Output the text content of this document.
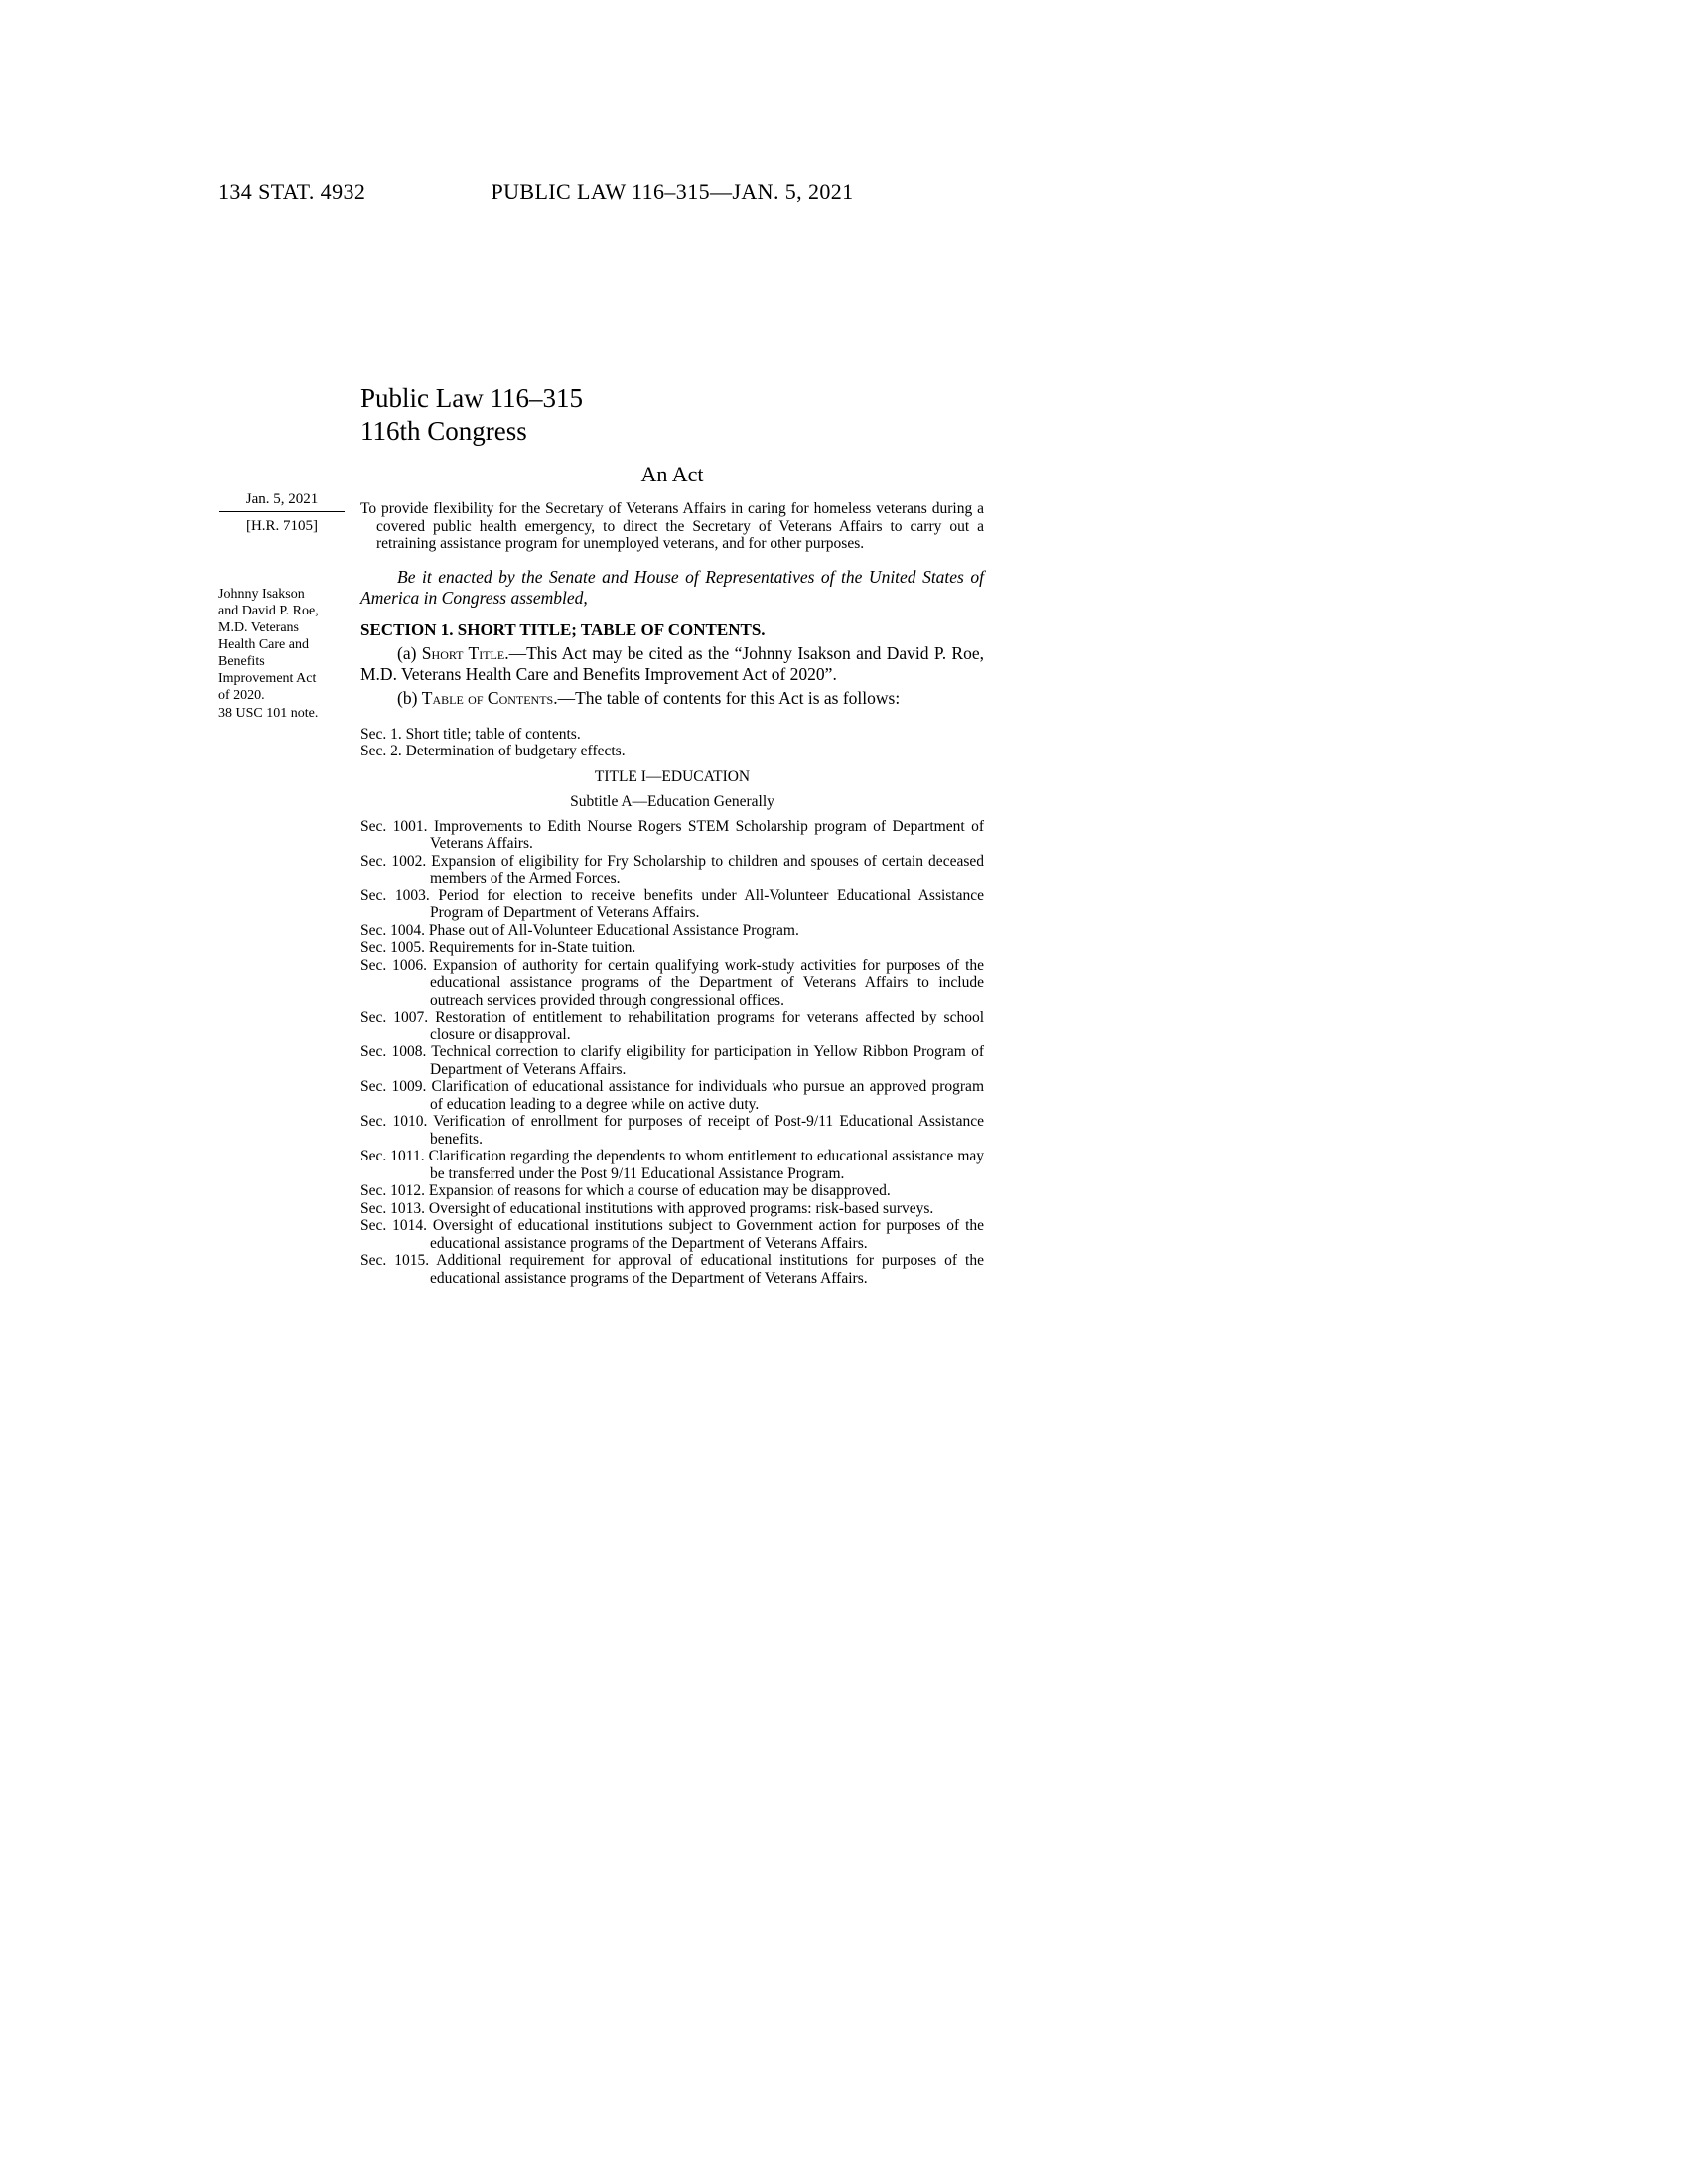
134 STAT. 4932	PUBLIC LAW 116–315—JAN. 5, 2021
Jan. 5, 2021
[H.R. 7105]
Johnny Isakson and David P. Roe, M.D. Veterans Health Care and Benefits Improvement Act of 2020.
38 USC 101 note.
Public Law 116–315
116th Congress
An Act

To provide flexibility for the Secretary of Veterans Affairs in caring for homeless veterans during a covered public health emergency, to direct the Secretary of Veterans Affairs to carry out a retraining assistance program for unemployed veterans, and for other purposes.

Be it enacted by the Senate and House of Representatives of the United States of America in Congress assembled,

SECTION 1. SHORT TITLE; TABLE OF CONTENTS.

(a) Short Title.—This Act may be cited as the “Johnny Isakson and David P. Roe, M.D. Veterans Health Care and Benefits Improvement Act of 2020”.

(b) Table of Contents.—The table of contents for this Act is as follows:

Sec. 1. Short title; table of contents.
Sec. 2. Determination of budgetary effects.
TITLE I—EDUCATION
Subtitle A—Education Generally
Sec. 1001. Improvements to Edith Nourse Rogers STEM Scholarship program of Department of Veterans Affairs.
Sec. 1002. Expansion of eligibility for Fry Scholarship to children and spouses of certain deceased members of the Armed Forces.
Sec. 1003. Period for election to receive benefits under All-Volunteer Educational Assistance Program of Department of Veterans Affairs.
Sec. 1004. Phase out of All-Volunteer Educational Assistance Program.
Sec. 1005. Requirements for in-State tuition.
Sec. 1006. Expansion of authority for certain qualifying work-study activities for purposes of the educational assistance programs of the Department of Veterans Affairs to include outreach services provided through congressional offices.
Sec. 1007. Restoration of entitlement to rehabilitation programs for veterans affected by school closure or disapproval.
Sec. 1008. Technical correction to clarify eligibility for participation in Yellow Ribbon Program of Department of Veterans Affairs.
Sec. 1009. Clarification of educational assistance for individuals who pursue an approved program of education leading to a degree while on active duty.
Sec. 1010. Verification of enrollment for purposes of receipt of Post-9/11 Educational Assistance benefits.
Sec. 1011. Clarification regarding the dependents to whom entitlement to educational assistance may be transferred under the Post 9/11 Educational Assistance Program.
Sec. 1012. Expansion of reasons for which a course of education may be disapproved.
Sec. 1013. Oversight of educational institutions with approved programs: risk-based surveys.
Sec. 1014. Oversight of educational institutions subject to Government action for purposes of the educational assistance programs of the Department of Veterans Affairs.
Sec. 1015. Additional requirement for approval of educational institutions for purposes of the educational assistance programs of the Department of Veterans Affairs.
